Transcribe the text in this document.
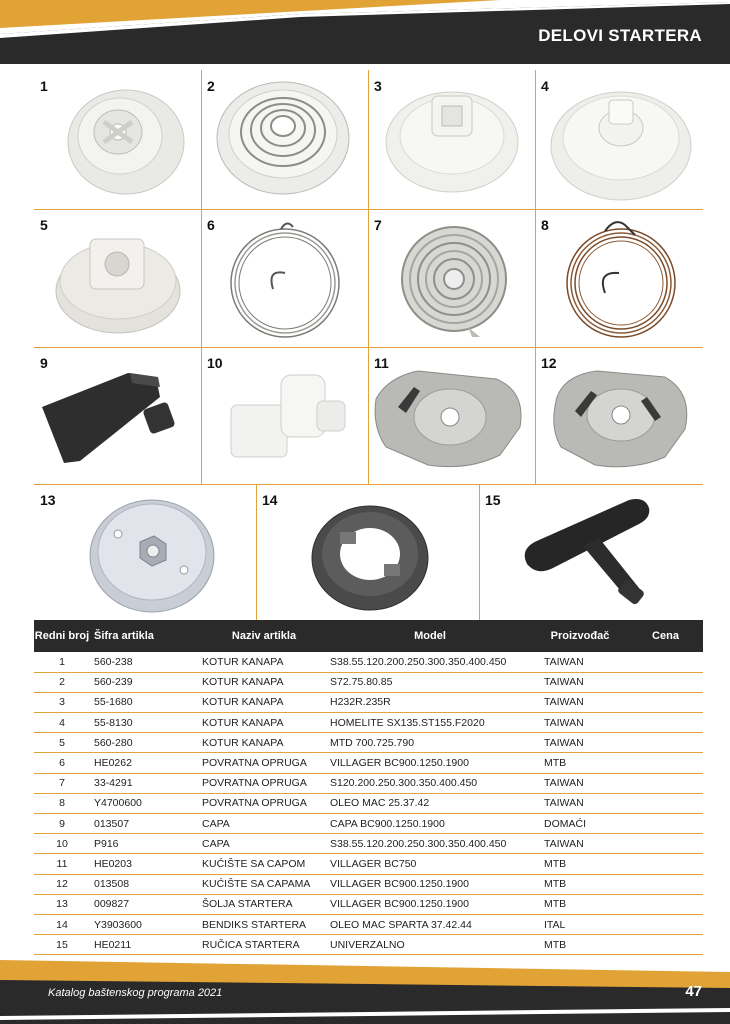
DELOVI STARTERA
1	2	3	4
5	6	7	8
9	10	11	12
13	14	15
Redni broj	Šifra artikla	Naziv artikla	Model	Proizvođač	Cena
1	560-238	KOTUR KANAPA	S38.55.120.200.250.300.350.400.450	TAIWAN	
2	560-239	KOTUR KANAPA	S72.75.80.85	TAIWAN	
3	55-1680	KOTUR KANAPA	H232R.235R	TAIWAN	
4	55-8130	KOTUR KANAPA	HOMELITE SX135.ST155.F2020	TAIWAN	
5	560-280	KOTUR KANAPA	MTD 700.725.790	TAIWAN	
6	HE0262	POVRATNA OPRUGA	VILLAGER BC900.1250.1900	MTB	
7	33-4291	POVRATNA OPRUGA	S120.200.250.300.350.400.450	TAIWAN	
8	Y4700600	POVRATNA OPRUGA	OLEO MAC 25.37.42	TAIWAN	
9	013507	CAPA	CAPA BC900.1250.1900	DOMAĆI	
10	P916	CAPA	S38.55.120.200.250.300.350.400.450	TAIWAN	
11	HE0203	KUĆIŠTE SA CAPOM	VILLAGER BC750	MTB	
12	013508	KUĆIŠTE SA CAPAMA	VILLAGER BC900.1250.1900	MTB	
13	009827	ŠOLJA STARTERA	VILLAGER BC900.1250.1900	MTB	
14	Y3903600	BENDIKS STARTERA	OLEO MAC SPARTA 37.42.44	ITAL	
15	HE0211	RUČICA STARTERA	UNIVERZALNO	MTB	
Katalog baštenskog programa 2021	47
